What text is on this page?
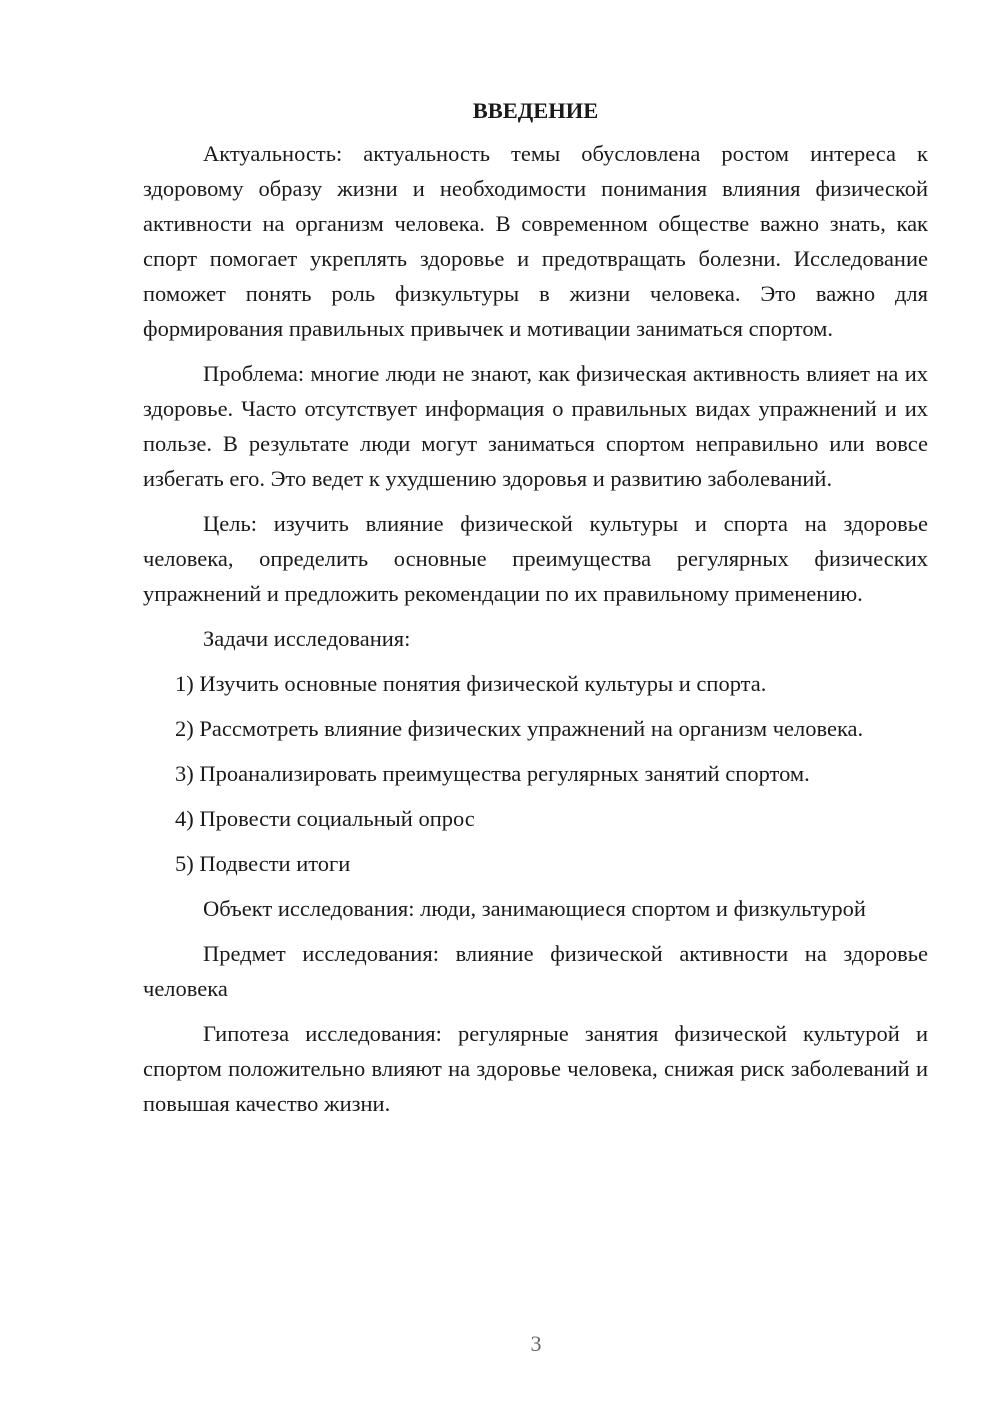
ВВЕДЕНИЕ
Актуальность: актуальность темы обусловлена ростом интереса к здоровому образу жизни и необходимости понимания влияния физической активности на организм человека. В современном обществе важно знать, как спорт помогает укреплять здоровье и предотвращать болезни. Исследование поможет понять роль физкультуры в жизни человека. Это важно для формирования правильных привычек и мотивации заниматься спортом.
Проблема: многие люди не знают, как физическая активность влияет на их здоровье. Часто отсутствует информация о правильных видах упражнений и их пользе. В результате люди могут заниматься спортом неправильно или вовсе избегать его. Это ведет к ухудшению здоровья и развитию заболеваний.
Цель: изучить влияние физической культуры и спорта на здоровье человека, определить основные преимущества регулярных физических упражнений и предложить рекомендации по их правильному применению.
Задачи исследования:
1) Изучить основные понятия физической культуры и спорта.
2) Рассмотреть влияние физических упражнений на организм человека.
3) Проанализировать преимущества регулярных занятий спортом.
4) Провести социальный опрос
5) Подвести итоги
Объект исследования: люди, занимающиеся спортом и физкультурой
Предмет исследования: влияние физической активности на здоровье человека
Гипотеза исследования: регулярные занятия физической культурой и спортом положительно влияют на здоровье человека, снижая риск заболеваний и повышая качество жизни.
3
